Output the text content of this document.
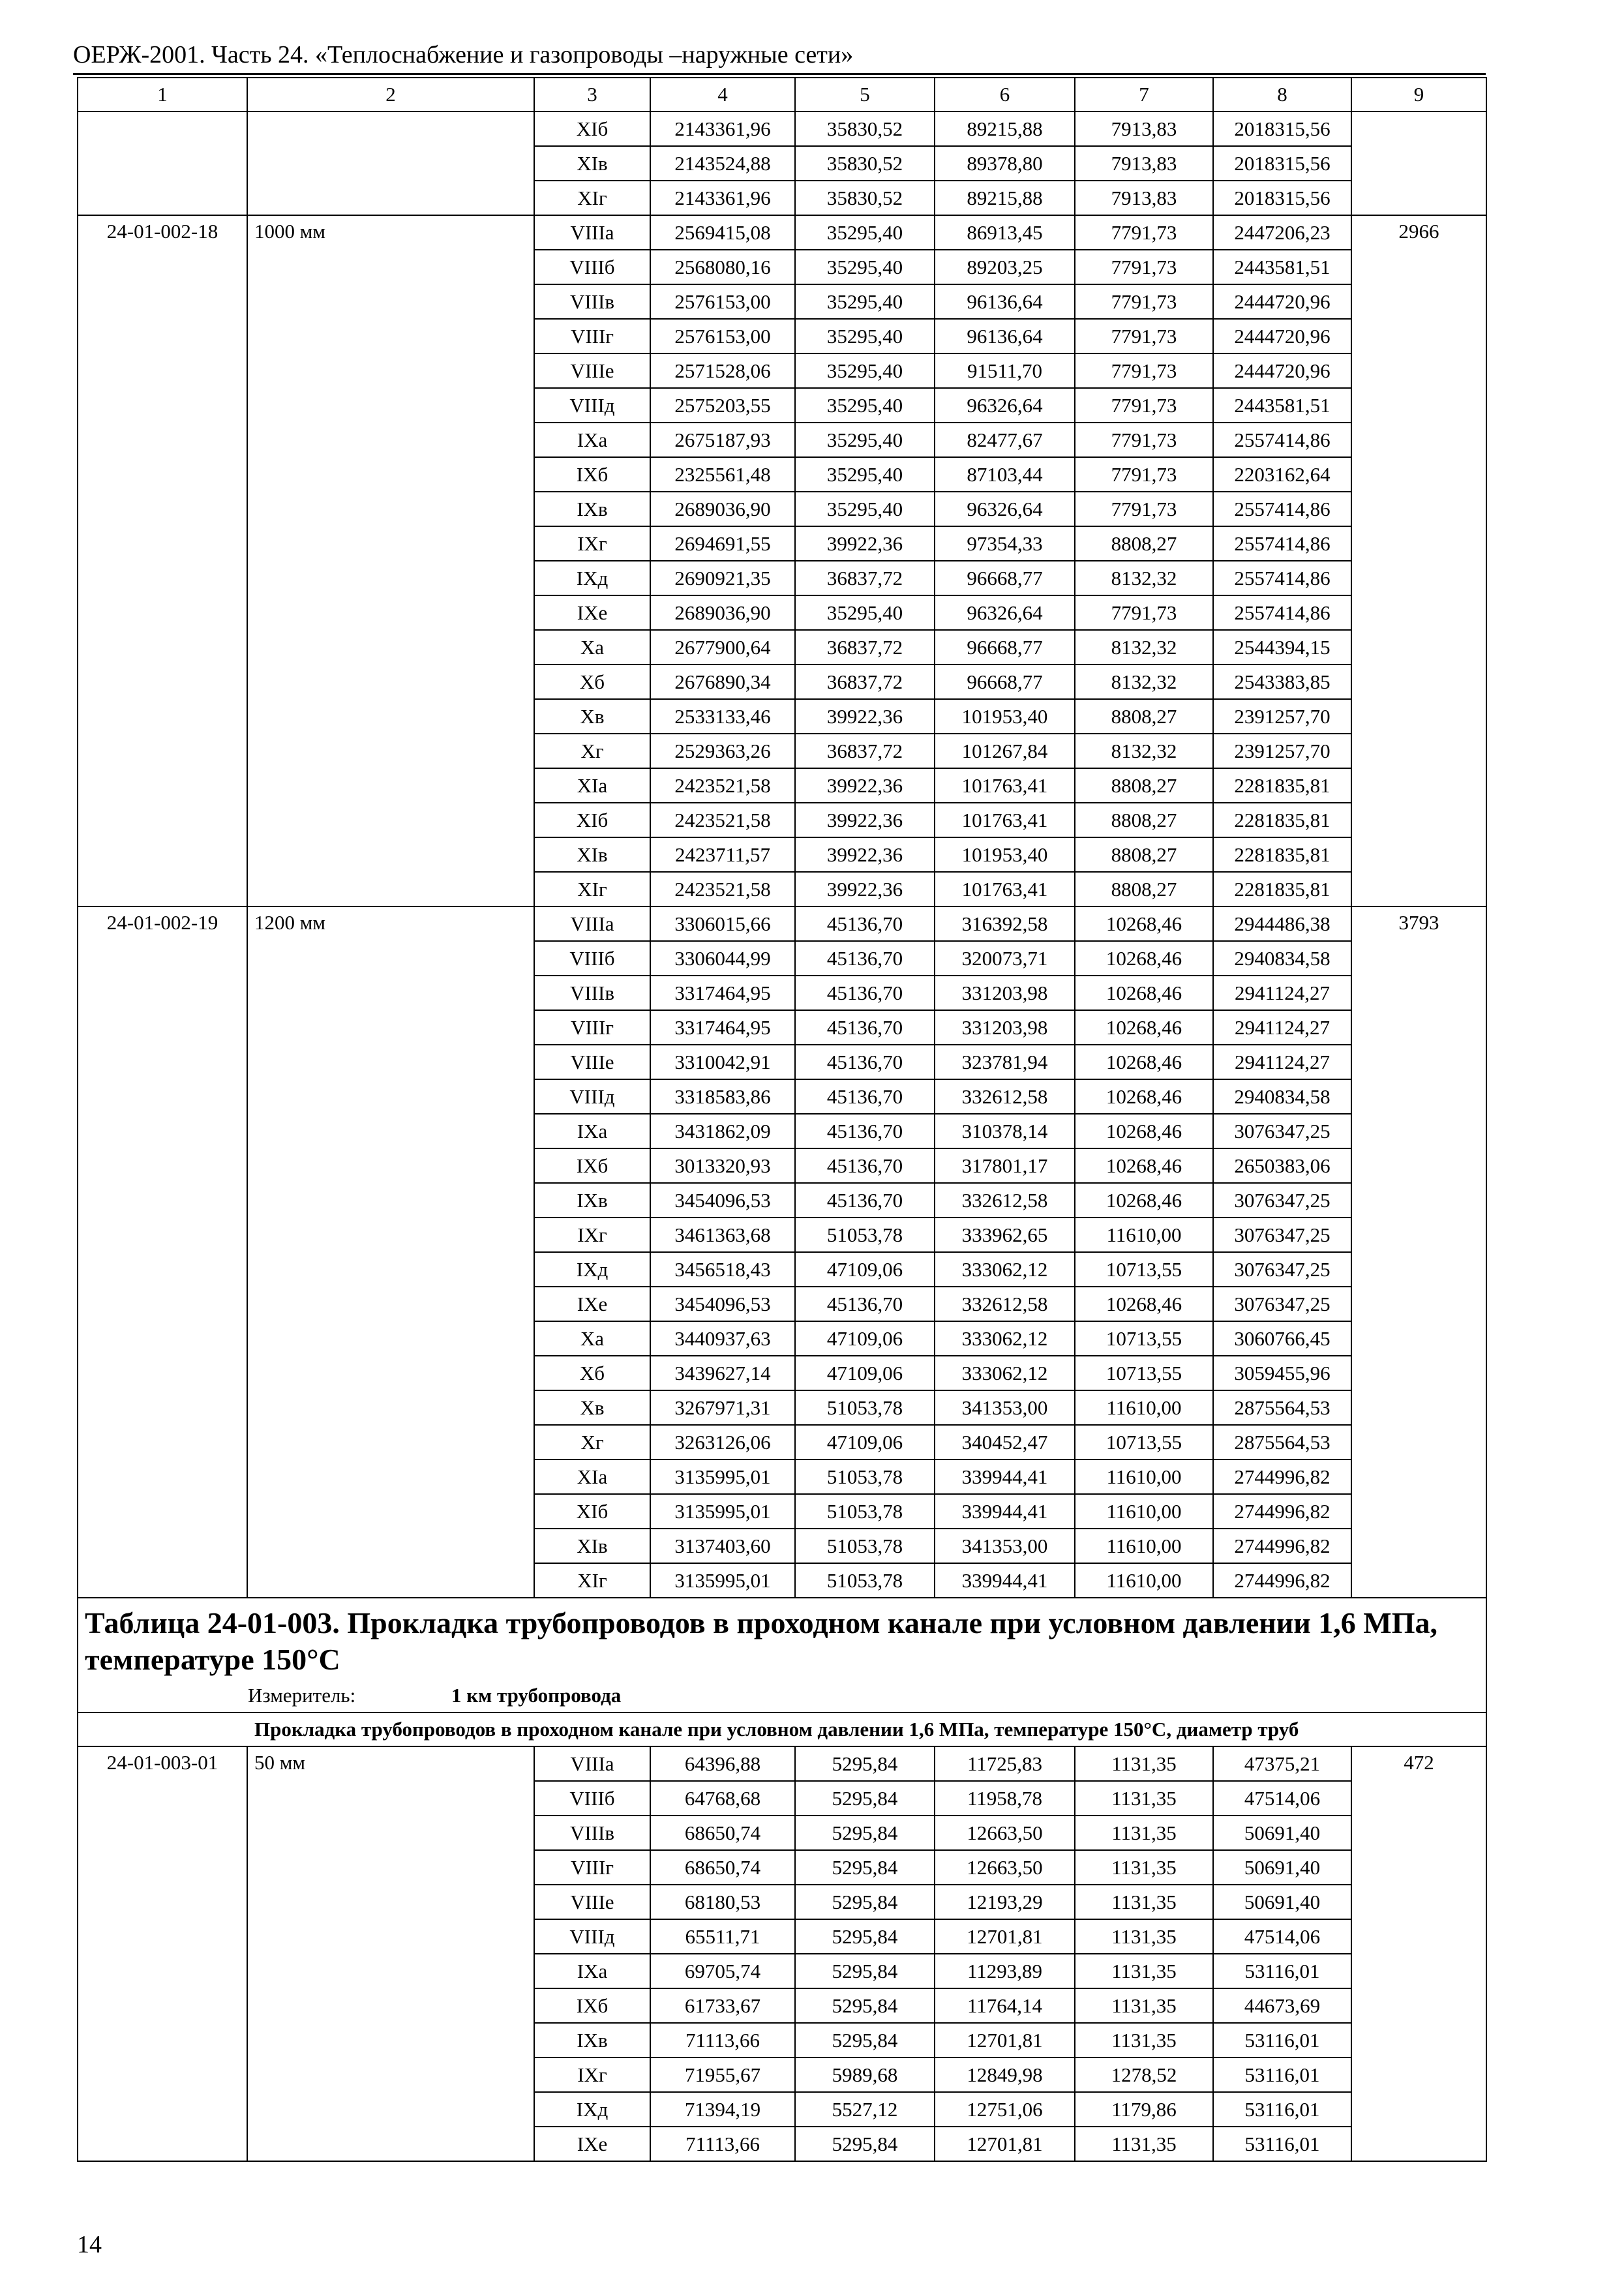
ОЕРЖ-2001. Часть 24. «Теплоснабжение и газопроводы –наружные сети»
1	2	3	4	5	6	7	8	9
		XIб	2143361,96	35830,52	89215,88	7913,83	2018315,56	
		XIв	2143524,88	35830,52	89378,80	7913,83	2018315,56	
		XIг	2143361,96	35830,52	89215,88	7913,83	2018315,56	
24-01-002-18	1000 мм	VIIIа	2569415,08	35295,40	86913,45	7791,73	2447206,23	2966
		VIIIб	2568080,16	35295,40	89203,25	7791,73	2443581,51	
		VIIIв	2576153,00	35295,40	96136,64	7791,73	2444720,96	
		VIIIг	2576153,00	35295,40	96136,64	7791,73	2444720,96	
		VIIIе	2571528,06	35295,40	91511,70	7791,73	2444720,96	
		VIIIд	2575203,55	35295,40	96326,64	7791,73	2443581,51	
		IXа	2675187,93	35295,40	82477,67	7791,73	2557414,86	
		IXб	2325561,48	35295,40	87103,44	7791,73	2203162,64	
		IXв	2689036,90	35295,40	96326,64	7791,73	2557414,86	
		IXг	2694691,55	39922,36	97354,33	8808,27	2557414,86	
		IXд	2690921,35	36837,72	96668,77	8132,32	2557414,86	
		IXе	2689036,90	35295,40	96326,64	7791,73	2557414,86	
		Xа	2677900,64	36837,72	96668,77	8132,32	2544394,15	
		Xб	2676890,34	36837,72	96668,77	8132,32	2543383,85	
		Xв	2533133,46	39922,36	101953,40	8808,27	2391257,70	
		Xг	2529363,26	36837,72	101267,84	8132,32	2391257,70	
		XIа	2423521,58	39922,36	101763,41	8808,27	2281835,81	
		XIб	2423521,58	39922,36	101763,41	8808,27	2281835,81	
		XIв	2423711,57	39922,36	101953,40	8808,27	2281835,81	
		XIг	2423521,58	39922,36	101763,41	8808,27	2281835,81	
24-01-002-19	1200 мм	VIIIа	3306015,66	45136,70	316392,58	10268,46	2944486,38	3793
		VIIIб	3306044,99	45136,70	320073,71	10268,46	2940834,58	
		VIIIв	3317464,95	45136,70	331203,98	10268,46	2941124,27	
		VIIIг	3317464,95	45136,70	331203,98	10268,46	2941124,27	
		VIIIе	3310042,91	45136,70	323781,94	10268,46	2941124,27	
		VIIIд	3318583,86	45136,70	332612,58	10268,46	2940834,58	
		IXа	3431862,09	45136,70	310378,14	10268,46	3076347,25	
		IXб	3013320,93	45136,70	317801,17	10268,46	2650383,06	
		IXв	3454096,53	45136,70	332612,58	10268,46	3076347,25	
		IXг	3461363,68	51053,78	333962,65	11610,00	3076347,25	
		IXд	3456518,43	47109,06	333062,12	10713,55	3076347,25	
		IXе	3454096,53	45136,70	332612,58	10268,46	3076347,25	
		Xа	3440937,63	47109,06	333062,12	10713,55	3060766,45	
		Xб	3439627,14	47109,06	333062,12	10713,55	3059455,96	
		Xв	3267971,31	51053,78	341353,00	11610,00	2875564,53	
		Xг	3263126,06	47109,06	340452,47	10713,55	2875564,53	
		XIа	3135995,01	51053,78	339944,41	11610,00	2744996,82	
		XIб	3135995,01	51053,78	339944,41	11610,00	2744996,82	
		XIв	3137403,60	51053,78	341353,00	11610,00	2744996,82	
		XIг	3135995,01	51053,78	339944,41	11610,00	2744996,82	

Таблица 24-01-003. Прокладка трубопроводов в проходном канале при условном давлении 1,6 МПа, температуре 150°С
Измеритель: 1 км трубопровода								

Прокладка трубопроводов в проходном канале при условном давлении 1,6 МПа, температуре 150°С, диаметр труб								
24-01-003-01	50 мм	VIIIа	64396,88	5295,84	11725,83	1131,35	47375,21	472
		VIIIб	64768,68	5295,84	11958,78	1131,35	47514,06	
		VIIIв	68650,74	5295,84	12663,50	1131,35	50691,40	
		VIIIг	68650,74	5295,84	12663,50	1131,35	50691,40	
		VIIIе	68180,53	5295,84	12193,29	1131,35	50691,40	
		VIIIд	65511,71	5295,84	12701,81	1131,35	47514,06	
		IXа	69705,74	5295,84	11293,89	1131,35	53116,01	
		IXб	61733,67	5295,84	11764,14	1131,35	44673,69	
		IXв	71113,66	5295,84	12701,81	1131,35	53116,01	
		IXг	71955,67	5989,68	12849,98	1278,52	53116,01	
		IXд	71394,19	5527,12	12751,06	1179,86	53116,01	
		IXе	71113,66	5295,84	12701,81	1131,35	53116,01	
14
